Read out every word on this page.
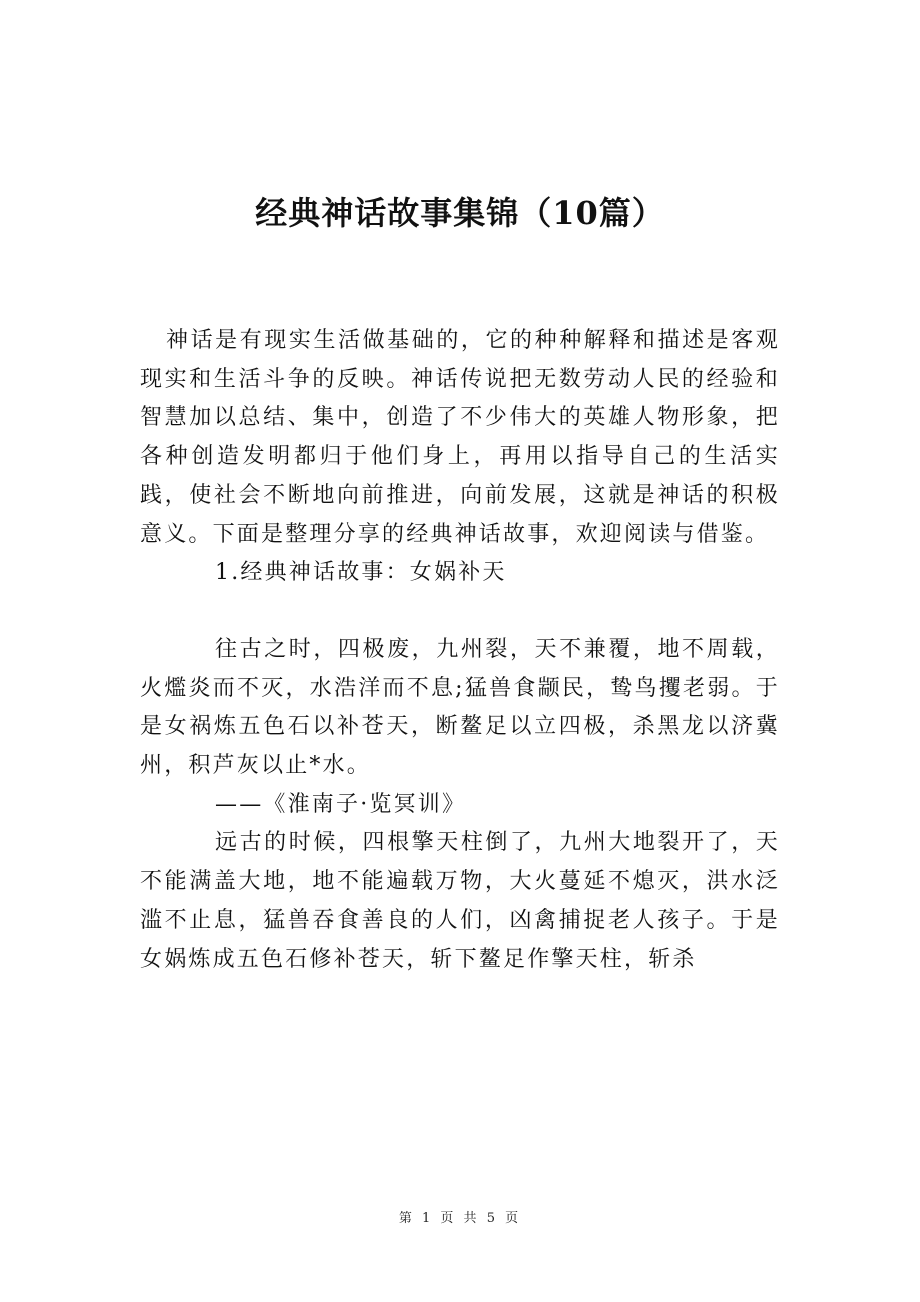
经典神话故事集锦（10篇）

神话是有现实生活做基础的，它的种种解释和描述是客观现实和生活斗争的反映。神话传说把无数劳动人民的经验和智慧加以总结、集中，创造了不少伟大的英雄人物形象，把各种创造发明都归于他们身上，再用以指导自己的生活实践，使社会不断地向前推进，向前发展，这就是神话的积极意义。下面是整理分享的经典神话故事，欢迎阅读与借鉴。

1.经典神话故事：女娲补天

往古之时，四极废，九州裂，天不兼覆，地不周载，火爁炎而不灭，水浩洋而不息;猛兽食颛民，鸷鸟攫老弱。于是女祸炼五色石以补苍天，断鳌足以立四极，杀黑龙以济冀州，积芦灰以止*水。

——《淮南子·览冥训》

远古的时候，四根擎天柱倒了，九州大地裂开了，天不能满盖大地，地不能遍载万物，大火蔓延不熄灭，洪水泛滥不止息，猛兽吞食善良的人们，凶禽捕捉老人孩子。于是女娲炼成五色石修补苍天，斩下鳌足作擎天柱，斩杀

第 1 页 共 5 页
